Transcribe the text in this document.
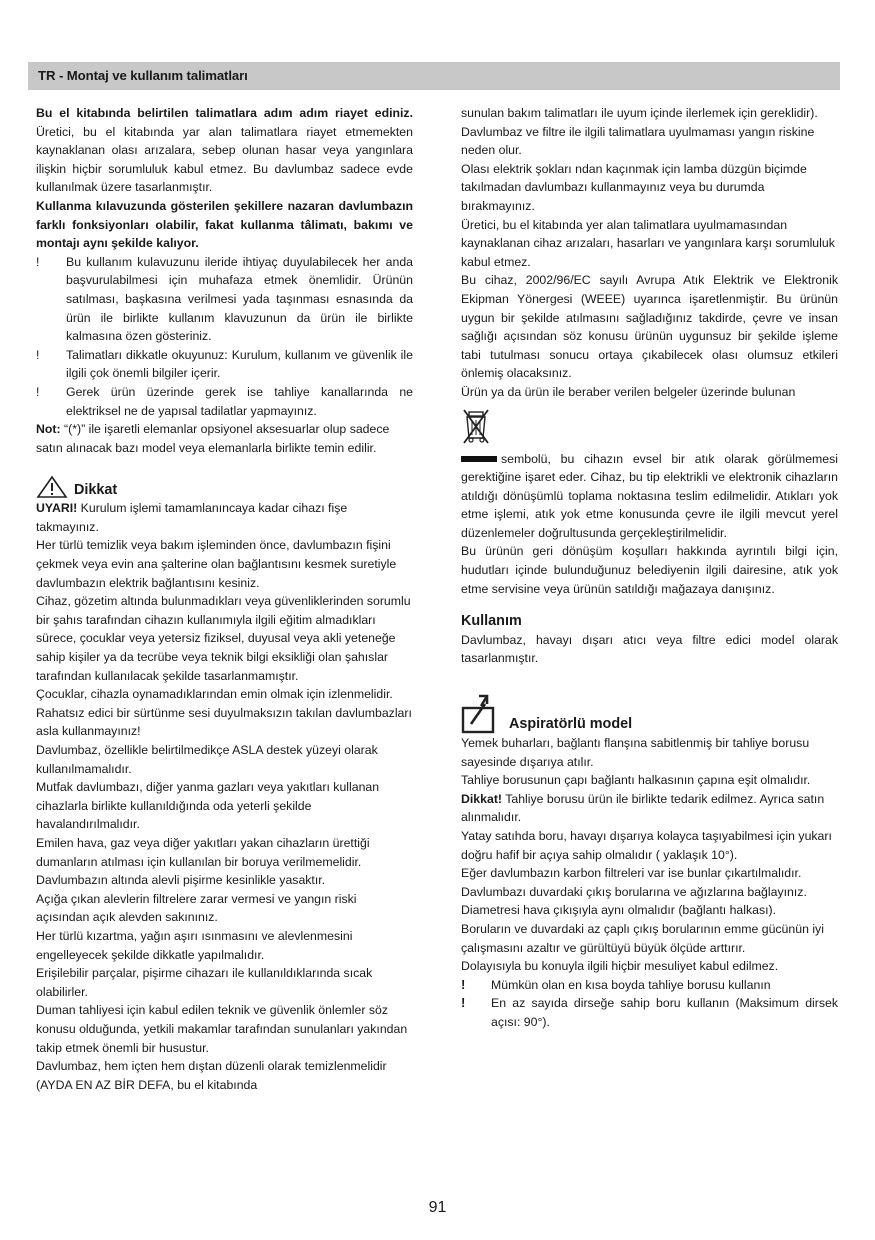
TR - Montaj ve kullanım talimatları

Bu el kitabında belirtilen talimatlara adım adım riayet ediniz. Üretici, bu el kitabında yar alan talimatlara riayet etmemekten kaynaklanan olası arızalara, sebep olunan hasar veya yangınlara ilişkin hiçbir sorumluluk kabul etmez. Bu davlumbaz sadece evde kullanılmak üzere tasarlanmıştır.

Kullanma kılavuzunda gösterilen şekillere nazaran davlumbazın farklı fonksiyonları olabilir, fakat kullanma tâlimatı, bakımı ve montajı aynı şekilde kalıyor.

!	Bu kullanım kulavuzunu ileride ihtiyaç duyulabilecek her anda başvurulabilmesi için muhafaza etmek önemlidir. Ürünün satılması, başkasına verilmesi yada taşınması esnasında da ürün ile birlikte kullanım klavuzunun da ürün ile birlikte kalmasına özen gösteriniz.
!	Talimatları dikkatle okuyunuz: Kurulum, kullanım ve güvenlik ile ilgili çok önemli bilgiler içerir.
!	Gerek ürün üzerinde gerek ise tahliye kanallarında ne elektriksel ne de yapısal tadilatlar yapmayınız.

Not: “(*)” ile işaretli elemanlar opsiyonel aksesuarlar olup sadece satın alınacak bazı model veya elemanlarla birlikte temin edilir.

Dikkat

UYARI! Kurulum işlemi tamamlanıncaya kadar cihazı fişe takmayınız.

Her türlü temizlik veya bakım işleminden önce, davlumbazın fişini çekmek veya evin ana şalterine olan bağlantısını kesmek suretiyle davlumbazın elektrik bağlantısını kesiniz.

Cihaz, gözetim altında bulunmadıkları veya güvenliklerinden sorumlu bir şahıs tarafından cihazın kullanımıyla ilgili eğitim almadıkları sürece, çocuklar veya yetersiz fiziksel, duyusal veya akli yeteneğe sahip kişiler ya da tecrübe veya teknik bilgi eksikliği olan şahıslar tarafından kullanılacak şekilde tasarlanmamıştır.

Çocuklar, cihazla oynamadıklarından emin olmak için izlenmelidir.

Rahatsız edici bir sürtünme sesi duyulmaksızın takılan davlumbazları asla kullanmayınız!

Davlumbaz, özellikle belirtilmedikçe ASLA destek yüzeyi olarak kullanılmamalıdır.

Mutfak davlumbazı, diğer yanma gazları veya yakıtları kullanan cihazlarla birlikte kullanıldığında oda yeterli şekilde havalandırılmalıdır.

Emilen hava, gaz veya diğer yakıtları yakan cihazların ürettiği dumanların atılması için kullanılan bir boruya verilmemelidir.

Davlumbazın altında alevli pişirme kesinlikle yasaktır.

Açığa çıkan alevlerin filtrelere zarar vermesi ve yangın riski açısından açık alevden sakınınız.

Her türlü kızartma, yağın aşırı ısınmasını ve alevlenmesini engelleyecek şekilde dikkatle yapılmalıdır.

Erişilebilir parçalar, pişirme cihazarı ile kullanıldıklarında sıcak olabilirler.

Duman tahliyesi için kabul edilen teknik ve güvenlik önlemler söz konusu olduğunda, yetkili makamlar tarafından sunulanları yakından takip etmek önemli bir husustur.

Davlumbaz, hem içten hem dıştan düzenli olarak temizlenmelidir (AYDA EN AZ BİR DEFA, bu el kitabında

sunulan bakım talimatları ile uyum içinde ilerlemek için gereklidir).

Davlumbaz ve filtre ile ilgili talimatlara uyulmaması yangın riskine neden olur.

Olası elektrik şokları ndan kaçınmak için lamba düzgün biçimde takılmadan davlumbazı kullanmayınız veya bu durumda bırakmayınız.

Üretici, bu el kitabında yer alan talimatlara uyulmamasından kaynaklanan cihaz arızaları, hasarları ve yangınlara karşı sorumluluk kabul etmez.

Bu cihaz, 2002/96/EC sayılı Avrupa Atık Elektrik ve Elektronik Ekipman Yönergesi (WEEE) uyarınca işaretlenmiştir. Bu ürünün uygun bir şekilde atılmasını sağladığınız takdirde, çevre ve insan sağlığı açısından söz konusu ürünün uygunsuz bir şekilde işleme tabi tutulması sonucu ortaya çıkabilecek olası olumsuz etkileri önlemiş olacaksınız.

Ürün ya da ürün ile beraber verilen belgeler üzerinde bulunan

sembolü, bu cihazın evsel bir atık olarak görülmemesi gerektiğine işaret eder. Cihaz, bu tip elektrikli ve elektronik cihazların atıldığı dönüşümlü toplama noktasına teslim edilmelidir. Atıkları yok etme işlemi, atık yok etme konusunda çevre ile ilgili mevcut yerel düzenlemeler doğrultusunda gerçekleştirilmelidir.

Bu ürünün geri dönüşüm koşulları hakkında ayrıntılı bilgi için, hudutları içinde bulunduğunuz belediyenin ilgili dairesine, atık yok etme servisine veya ürünün satıldığı mağazaya danışınız.

Kullanım

Davlumbaz, havayı dışarı atıcı veya filtre edici model olarak tasarlanmıştır.

Aspiratörlü model

Yemek buharları, bağlantı flanşına sabitlenmiş bir tahliye borusu sayesinde dışarıya atılır.

Tahliye borusunun çapı bağlantı halkasının çapına eşit olmalıdır.

Dikkat! Tahliye borusu ürün ile birlikte tedarik edilmez. Ayrıca satın alınmalıdır.

Yatay satıhda boru, havayı dışarıya kolayca taşıyabilmesi için yukarı doğru hafif bir açıya sahip olmalıdır ( yaklaşık 10°).

Eğer davlumbazın karbon filtreleri var ise bunlar çıkartılmalıdır.

Davlumbazı duvardaki çıkış borularına ve ağızlarına bağlayınız. Diametresi hava çıkışıyla aynı olmalıdır (bağlantı halkası).

Boruların ve duvardaki az çaplı çıkış borularının emme gücünün iyi çalışmasını azaltır ve gürültüyü büyük ölçüde arttırır.

Dolayısıyla bu konuyla ilgili hiçbir mesuliyet kabul edilmez.

!	Mümkün olan en kısa boyda tahliye borusu kullanın
!	En az sayıda dirseğe sahip boru kullanın (Maksimum dirsek açısı: 90°).
91
